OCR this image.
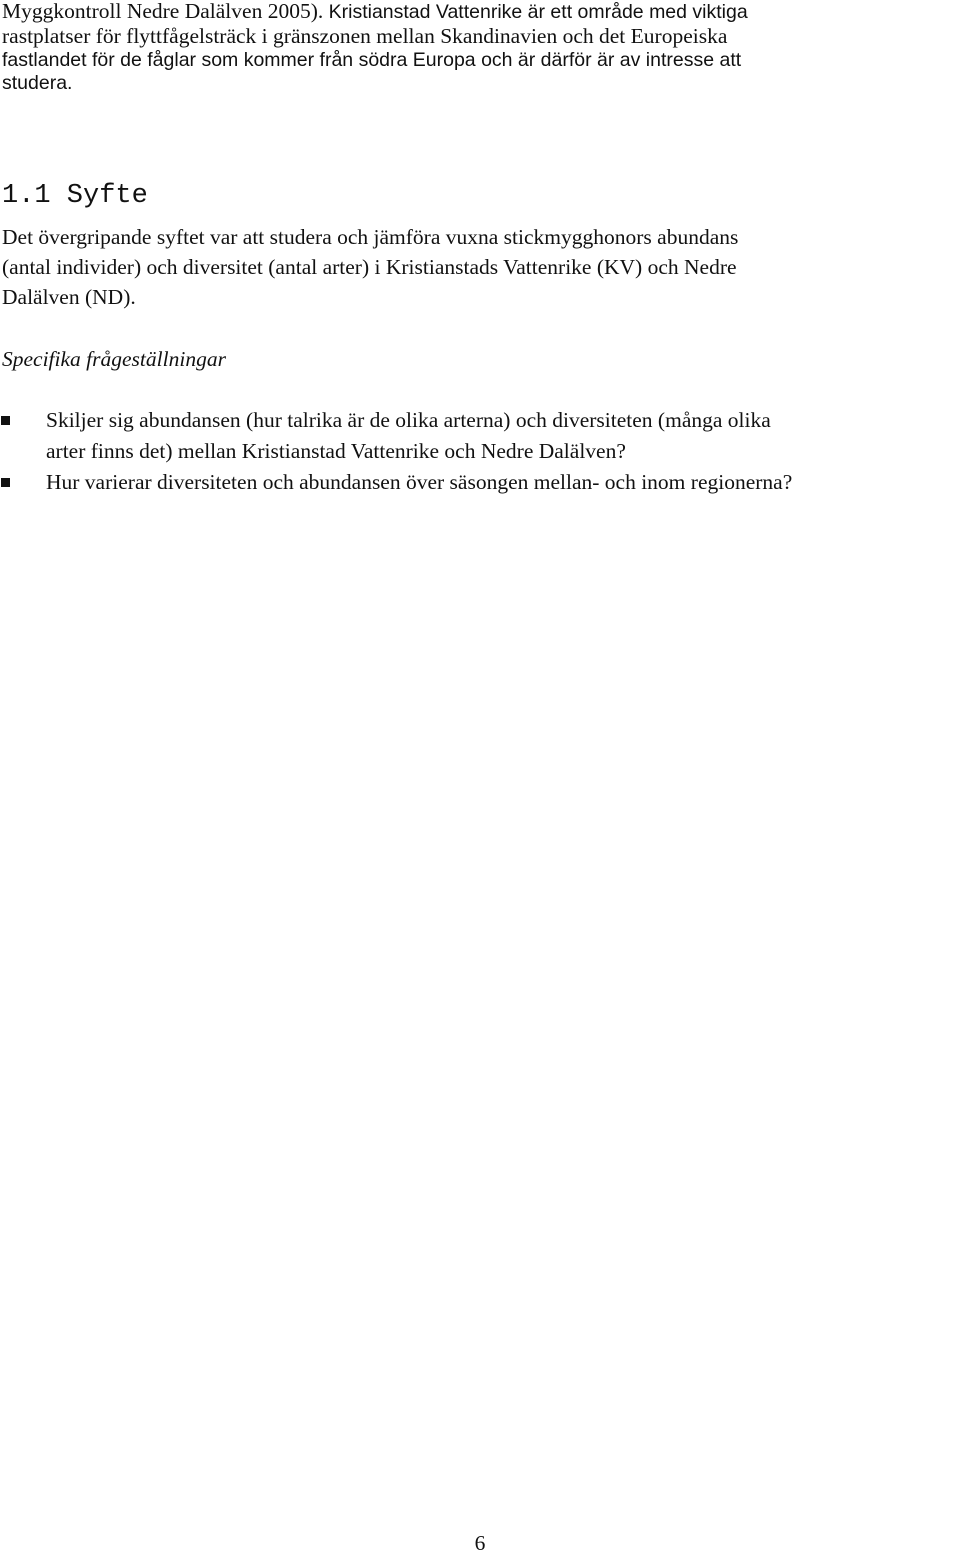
Myggkontroll Nedre Dalälven 2005). Kristianstad Vattenrike är ett område med viktiga
rastplatser för flyttfågelsträck i gränszonen mellan Skandinavien och det Europeiska
fastlandet för de fåglar som kommer från södra Europa och är därför är av intresse att
studera.
1.1 Syfte
Det övergripande syftet var att studera och jämföra vuxna stickmygghonors abundans
(antal individer) och diversitet (antal arter) i Kristianstads Vattenrike (KV) och Nedre
Dalälven (ND).
Specifika frågeställningar
Skiljer sig abundansen (hur talrika är de olika arterna) och diversiteten (många olika
arter finns det) mellan Kristianstad Vattenrike och Nedre Dalälven?
Hur varierar diversiteten och abundansen över säsongen mellan- och inom regionerna?
6
